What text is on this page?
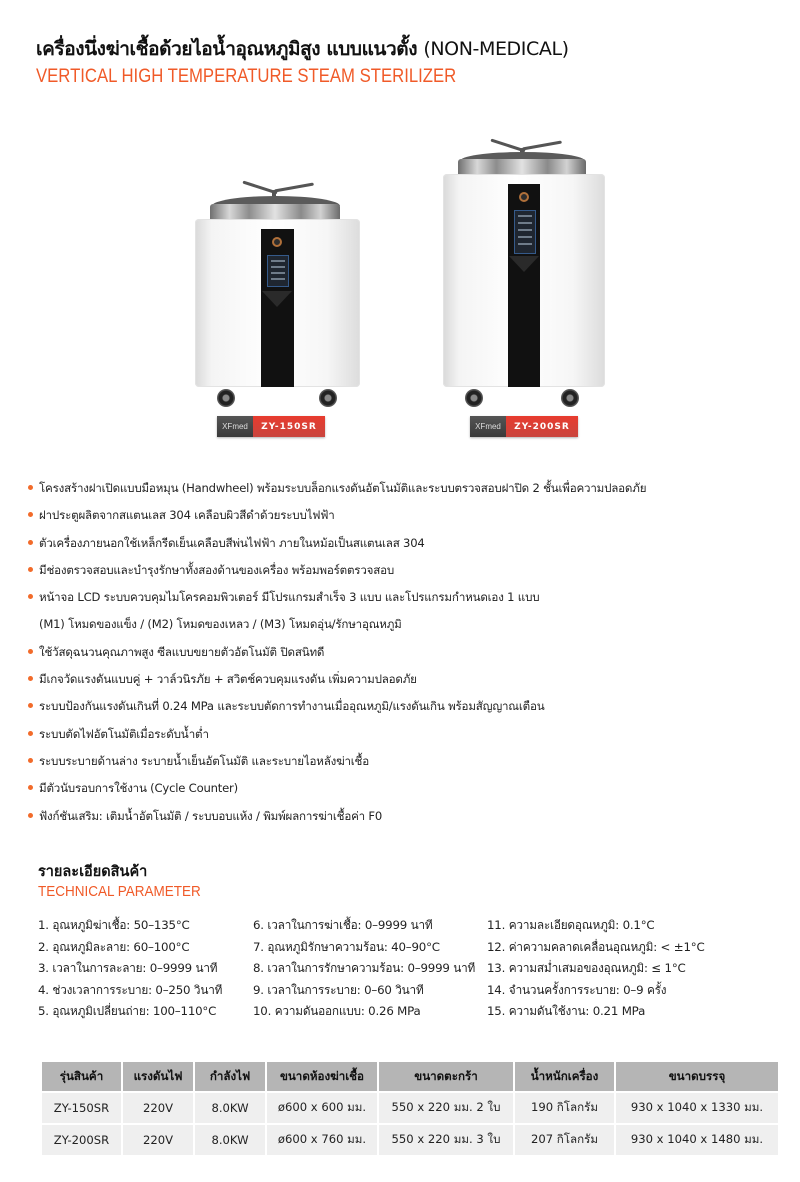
เครื่องนึ่งฆ่าเชื้อด้วยไอน้ำอุณหภูมิสูง แบบแนวตั้ง (NON-MEDICAL)
VERTICAL HIGH TEMPERATURE STEAM STERILIZER
XFmed	ZY-150SR	XFmed	ZY-200SR
โครงสร้างฝาเปิดแบบมือหมุน (Handwheel) พร้อมระบบล็อกแรงดันอัตโนมัติและระบบตรวจสอบฝาปิด 2 ชั้นเพื่อความปลอดภัย
ฝาประตูผลิตจากสแตนเลส 304 เคลือบผิวสีดำด้วยระบบไฟฟ้า
ตัวเครื่องภายนอกใช้เหล็กรีดเย็นเคลือบสีพ่นไฟฟ้า ภายในหม้อเป็นสแตนเลส 304
มีช่องตรวจสอบและบำรุงรักษาทั้งสองด้านของเครื่อง พร้อมพอร์ตตรวจสอบ
หน้าจอ LCD ระบบควบคุมไมโครคอมพิวเตอร์ มีโปรแกรมสำเร็จ 3 แบบ และโปรแกรมกำหนดเอง 1 แบบ
(M1) โหมดของแข็ง / (M2) โหมดของเหลว / (M3) โหมดอุ่น/รักษาอุณหภูมิ
ใช้วัสดุฉนวนคุณภาพสูง ซีลแบบขยายตัวอัตโนมัติ ปิดสนิทดี
มีเกจวัดแรงดันแบบคู่ + วาล์วนิรภัย + สวิตช์ควบคุมแรงดัน เพิ่มความปลอดภัย
ระบบป้องกันแรงดันเกินที่ 0.24 MPa และระบบตัดการทำงานเมื่ออุณหภูมิ/แรงดันเกิน พร้อมสัญญาณเตือน
ระบบตัดไฟอัตโนมัติเมื่อระดับน้ำต่ำ
ระบบระบายด้านล่าง ระบายน้ำเย็นอัตโนมัติ และระบายไอหลังฆ่าเชื้อ
มีตัวนับรอบการใช้งาน (Cycle Counter)
ฟังก์ชันเสริม: เติมน้ำอัตโนมัติ / ระบบอบแห้ง / พิมพ์ผลการฆ่าเชื้อค่า F0
รายละเอียดสินค้า
TECHNICAL PARAMETER
1. อุณหภูมิฆ่าเชื้อ: 50–135°C
2. อุณหภูมิละลาย: 60–100°C
3. เวลาในการละลาย: 0–9999 นาที
4. ช่วงเวลาการระบาย: 0–250 วินาที
5. อุณหภูมิเปลี่ยนถ่าย: 100–110°C
6. เวลาในการฆ่าเชื้อ: 0–9999 นาที
7. อุณหภูมิรักษาความร้อน: 40–90°C
8. เวลาในการรักษาความร้อน: 0–9999 นาที
9. เวลาในการระบาย: 0–60 วินาที
10. ความดันออกแบบ: 0.26 MPa
11. ความละเอียดอุณหภูมิ: 0.1°C
12. ค่าความคลาดเคลื่อนอุณหภูมิ: < ±1°C
13. ความสม่ำเสมอของอุณหภูมิ: ≤ 1°C
14. จำนวนครั้งการระบาย: 0–9 ครั้ง
15. ความดันใช้งาน: 0.21 MPa
รุ่นสินค้า	แรงดันไฟ	กำลังไฟ	ขนาดห้องฆ่าเชื้อ	ขนาดตะกร้า	น้ำหนักเครื่อง	ขนาดบรรจุ
ZY-150SR	220V	8.0KW	ø600 x 600 มม.	550 x 220 มม. 2 ใบ	190 กิโลกรัม	930 x 1040 x 1330 มม.
ZY-200SR	220V	8.0KW	ø600 x 760 มม.	550 x 220 มม. 3 ใบ	207 กิโลกรัม	930 x 1040 x 1480 มม.
